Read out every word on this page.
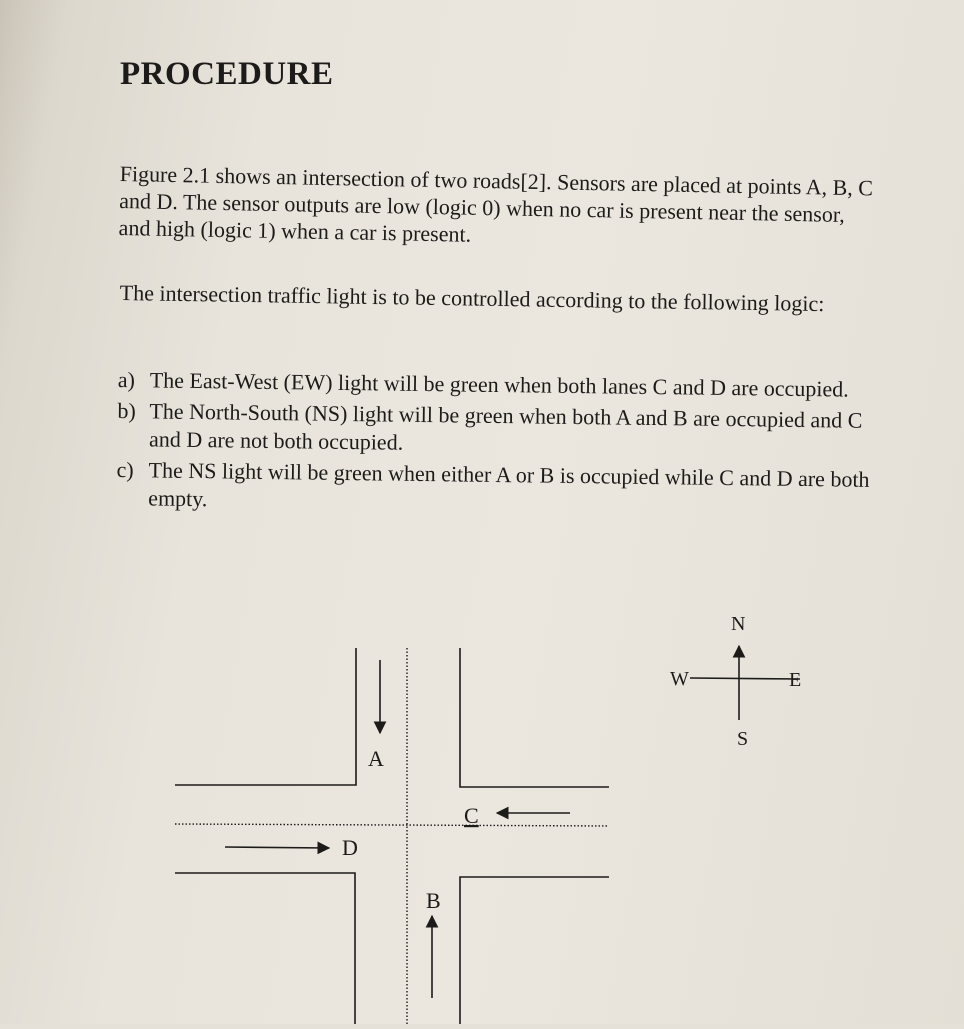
PROCEDURE

Figure 2.1 shows an intersection of two roads[2]. Sensors are placed at points A, B, C and D. The sensor outputs are low (logic 0) when no car is present near the sensor, and high (logic 1) when a car is present.

The intersection traffic light is to be controlled according to the following logic:

a) The East-West (EW) light will be green when both lanes C and D are occupied.
b) The North-South (NS) light will be green when both A and B are occupied and C and D are not both occupied.
c) The NS light will be green when either A or B is occupied while C and D are both empty.
A
B
C
D
N
S
W	E
